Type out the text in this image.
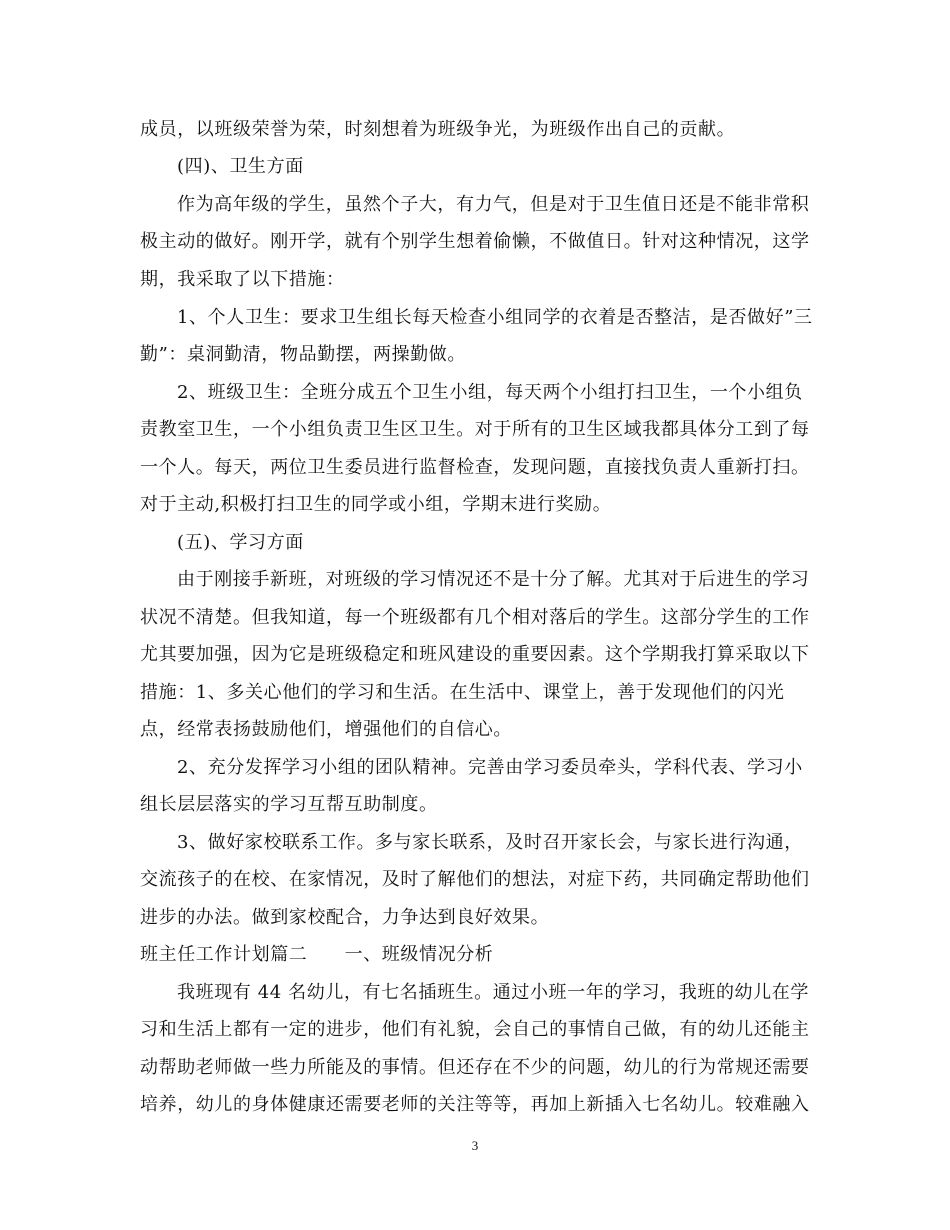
成员，以班级荣誉为荣，时刻想着为班级争光，为班级作出自己的贡献。
(四)、卫生方面
作为高年级的学生，虽然个子大，有力气，但是对于卫生值日还是不能非常积
极主动的做好。刚开学，就有个别学生想着偷懒，不做值日。针对这种情况，这学
期，我采取了以下措施：
1、个人卫生：要求卫生组长每天检查小组同学的衣着是否整洁，是否做好”三
勤”：桌洞勤清，物品勤摆，两操勤做。
2、班级卫生：全班分成五个卫生小组，每天两个小组打扫卫生，一个小组负
责教室卫生，一个小组负责卫生区卫生。对于所有的卫生区域我都具体分工到了每
一个人。每天，两位卫生委员进行监督检查，发现问题，直接找负责人重新打扫。
对于主动,积极打扫卫生的同学或小组，学期末进行奖励。
(五)、学习方面
由于刚接手新班，对班级的学习情况还不是十分了解。尤其对于后进生的学习
状况不清楚。但我知道，每一个班级都有几个相对落后的学生。这部分学生的工作
尤其要加强，因为它是班级稳定和班风建设的重要因素。这个学期我打算采取以下
措施：1、多关心他们的学习和生活。在生活中、课堂上，善于发现他们的闪光
点，经常表扬鼓励他们，增强他们的自信心。
2、充分发挥学习小组的团队精神。完善由学习委员牵头，学科代表、学习小
组长层层落实的学习互帮互助制度。
3、做好家校联系工作。多与家长联系，及时召开家长会，与家长进行沟通，
交流孩子的在校、在家情况，及时了解他们的想法，对症下药，共同确定帮助他们
进步的办法。做到家校配合，力争达到良好效果。
班主任工作计划篇二　　一、班级情况分析
我班现有 44 名幼儿，有七名插班生。通过小班一年的学习，我班的幼儿在学
习和生活上都有一定的进步，他们有礼貌，会自己的事情自己做，有的幼儿还能主
动帮助老师做一些力所能及的事情。但还存在不少的问题，幼儿的行为常规还需要
培养，幼儿的身体健康还需要老师的关注等等，再加上新插入七名幼儿。较难融入
3
